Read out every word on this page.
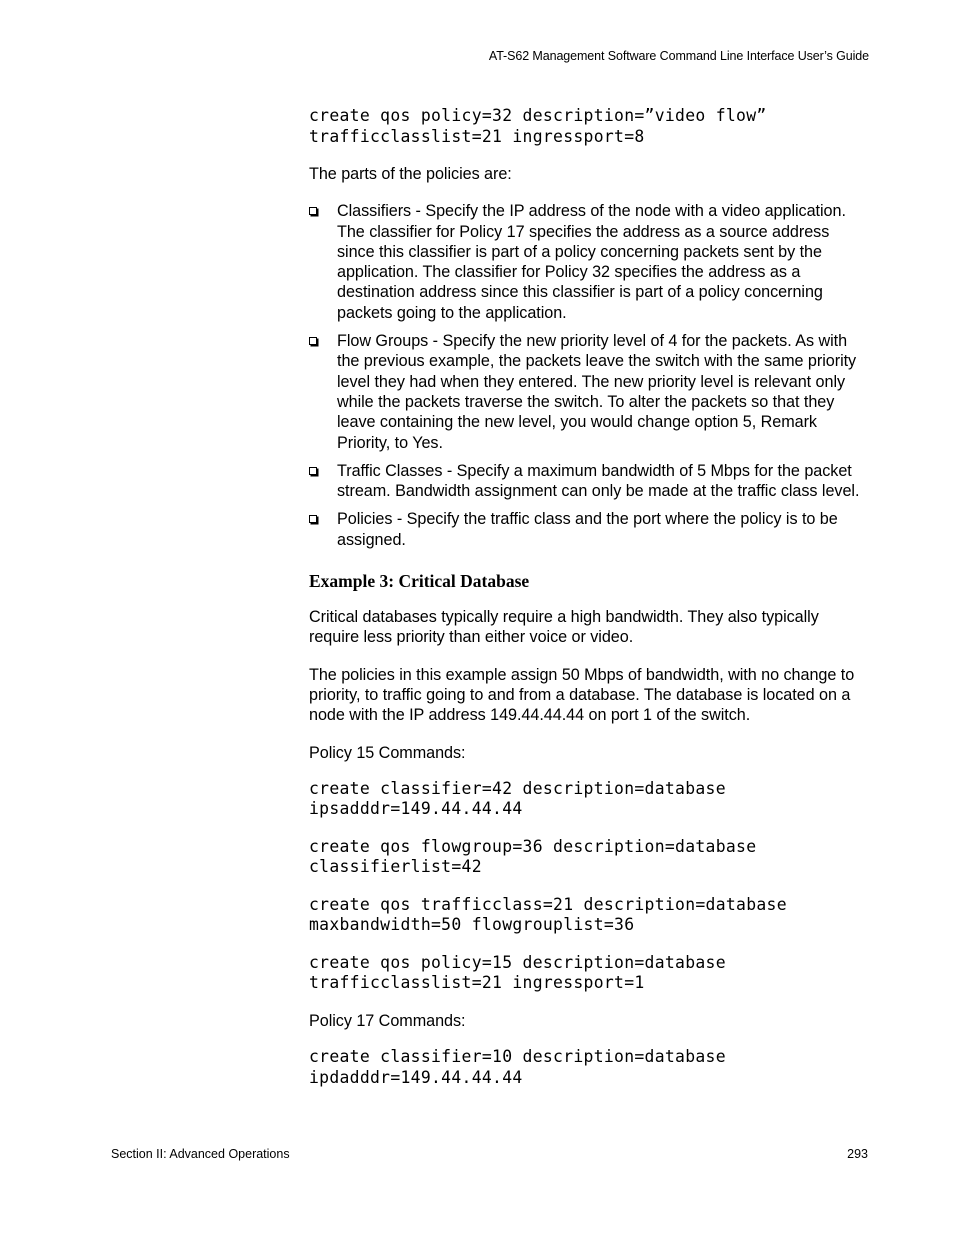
AT-S62 Management Software Command Line Interface User’s Guide
create qos policy=32 description=”video flow”
trafficclasslist=21 ingressport=8

The parts of the policies are:

Classifiers - Specify the IP address of the node with a video application. The classifier for Policy 17 specifies the address as a source address since this classifier is part of a policy concerning packets sent by the application. The classifier for Policy 32 specifies the address as a destination address since this classifier is part of a policy concerning packets going to the application.
Flow Groups - Specify the new priority level of 4 for the packets. As with the previous example, the packets leave the switch with the same priority level they had when they entered. The new priority level is relevant only while the packets traverse the switch. To alter the packets so that they leave containing the new level, you would change option 5, Remark Priority, to Yes.
Traffic Classes - Specify a maximum bandwidth of 5 Mbps for the packet stream. Bandwidth assignment can only be made at the traffic class level.
Policies - Specify the traffic class and the port where the policy is to be assigned.
Example 3: Critical Database

Critical databases typically require a high bandwidth. They also typically require less priority than either voice or video.

The policies in this example assign 50 Mbps of bandwidth, with no change to priority, to traffic going to and from a database. The database is located on a node with the IP address 149.44.44.44 on port 1 of the switch.

Policy 15 Commands:

create classifier=42 description=database
ipsadddr=149.44.44.44
create qos flowgroup=36 description=database
classifierlist=42
create qos trafficclass=21 description=database
maxbandwidth=50 flowgrouplist=36
create qos policy=15 description=database
trafficclasslist=21 ingressport=1

Policy 17 Commands:

create classifier=10 description=database
ipdadddr=149.44.44.44
Section II: Advanced Operations	293
